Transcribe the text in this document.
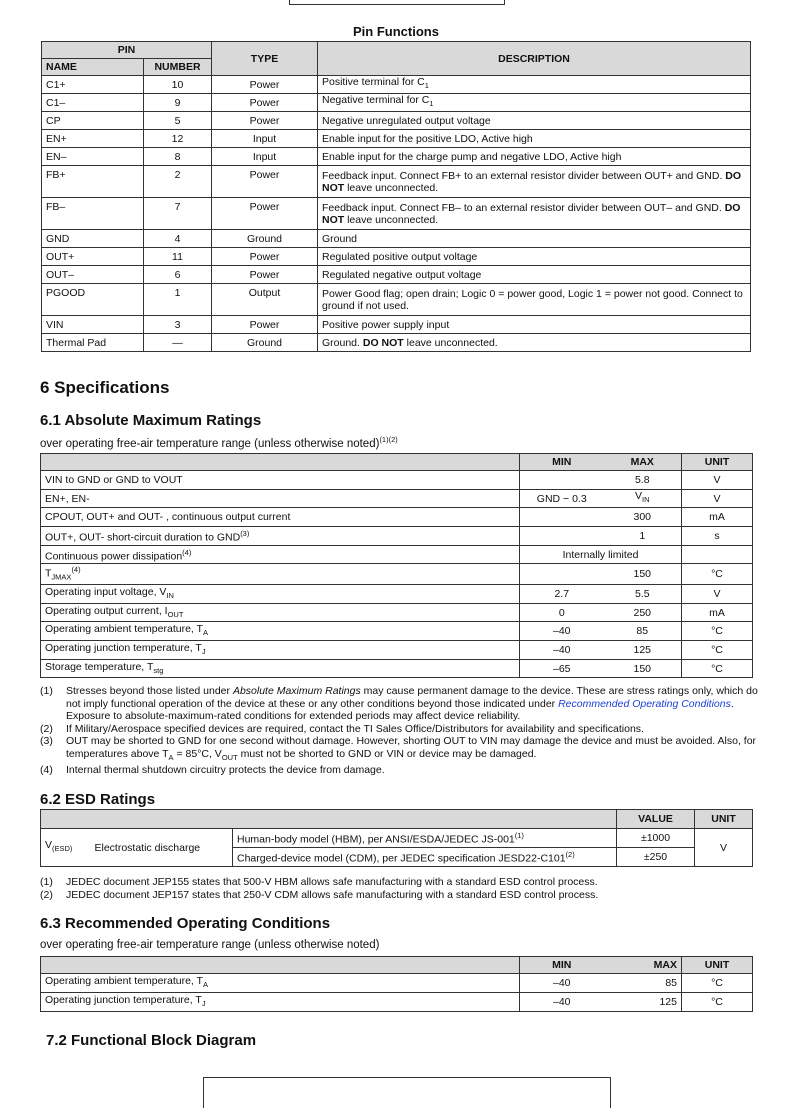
Pin Functions
PIN		TYPE	DESCRIPTION
NAME	NUMBER		
C1+	10	Power	Positive terminal for $C_1$
C1–	9	Power	Negative terminal for $C_1$
CP	5	Power	Negative unregulated output voltage
EN+	12	Input	Enable input for the positive LDO, Active high
EN–	8	Input	Enable input for the charge pump and negative LDO, Active high
FB+	2	Power	Feedback input. Connect FB+ to an external resistor divider between OUT+ and GND. DO NOT leave unconnected.
FB–	7	Power	Feedback input. Connect FB– to an external resistor divider between OUT– and GND. DO NOT leave unconnected.
GND	4	Ground	Ground
OUT+	11	Power	Regulated positive output voltage
OUT–	6	Power	Regulated negative output voltage
PGOOD	1	Output	Power Good flag; open drain; Logic 0 = power good, Logic 1 = power not good. Connect to ground if not used.
VIN	3	Power	Positive power supply input
Thermal Pad	—	Ground	Ground. DO NOT leave unconnected.
6 Specifications
6.1 Absolute Maximum Ratings
over operating free-air temperature range (unless otherwise noted)$^{(1)(2)}$
	MIN	MAX	UNIT
VIN to GND or GND to VOUT		5.8	V
EN+, EN-	GND − 0.3	$V_{IN}$	V
CPOUT, OUT+ and OUT- , continuous output current		300	mA
OUT+, OUT- short-circuit duration to GND$^{(3)}$		1	s
Continuous power dissipation$^{(4)}$	Internally limited		
$T_{JMAX}^{(4)}$		150	°C
Operating input voltage, $V_{IN}$	2.7	5.5	V
Operating output current, $I_{OUT}$	0	250	mA
Operating ambient temperature, $T_A$	–40	85	°C
Operating junction temperature, $T_J$	–40	125	°C
Storage temperature, $T_{stg}$	–65	150	°C
(1)	Stresses beyond those listed under Absolute Maximum Ratings may cause permanent damage to the device. These are stress ratings only, which do not imply functional operation of the device at these or any other conditions beyond those indicated under Recommended Operating Conditions. Exposure to absolute-maximum-rated conditions for extended periods may affect device reliability.
(2)	If Military/Aerospace specified devices are required, contact the TI Sales Office/Distributors for availability and specifications.
(3)	OUT may be shorted to GND for one second without damage. However, shorting OUT to VIN may damage the device and must be avoided. Also, for temperatures above $T_A = 85^\circ C$, $V_{OUT}$ must not be shorted to GND or VIN or device may be damaged.
(4)	Internal thermal shutdown circuitry protects the device from damage.
6.2 ESD Ratings
			VALUE	UNIT
$V_{(ESD)}$	Electrostatic discharge	Human-body model (HBM), per ANSI/ESDA/JEDEC $JS-001^{(1)}$	±1000	V
		Charged-device model (CDM), per JEDEC specification $JESD22-C101^{(2)}$	±250	
(1)	JEDEC document JEP155 states that 500-V HBM allows safe manufacturing with a standard ESD control process.
(2)	JEDEC document JEP157 states that 250-V CDM allows safe manufacturing with a standard ESD control process.
6.3 Recommended Operating Conditions
over operating free-air temperature range (unless otherwise noted)
	MIN	MAX	UNIT
Operating ambient temperature, $T_A$	–40	85	°C
Operating junction temperature, $T_J$	–40	125	°C
7.2 Functional Block Diagram
